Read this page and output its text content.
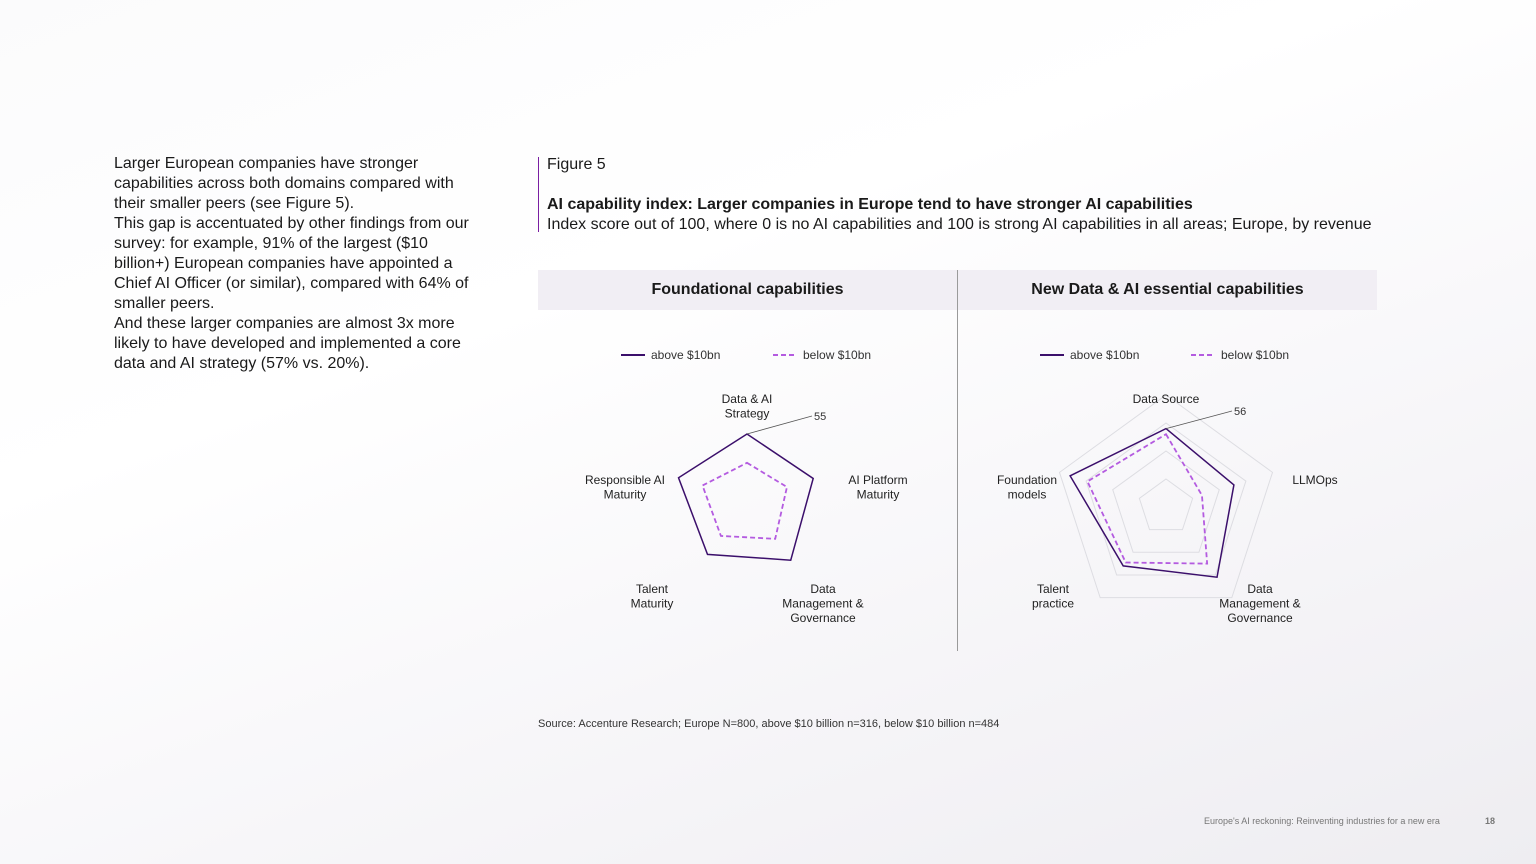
Larger European companies have stronger capabilities across both domains compared with their smaller peers (see Figure 5).

This gap is accentuated by other findings from our survey: for example, 91% of the largest ($10 billion+) European companies have appointed a Chief AI Officer (or similar), compared with 64% of smaller peers.

And these larger companies are almost 3x more likely to have developed and implemented a core data and AI strategy (57% vs. 20%).

Figure 5
AI capability index: Larger companies in Europe tend to have stronger AI capabilities
Index score out of 100, where 0 is no AI capabilities and 100 is strong AI capabilities in all areas; Europe, by revenue
Foundational capabilities	New Data & AI essential capabilities
above $10bn	below $10bn
Data & AI Strategy
AI Platform Maturity
Data Management & Governance
Talent Maturity
Responsible AI Maturity
55
above $10bn	below $10bn
Data Source
LLMOps
Data Management & Governance
Talent practice
Foundation models
56
Source: Accenture Research; Europe N=800, above $10 billion n=316, below $10 billion n=484
Europe's AI reckoning: Reinventing industries for a new era	18
